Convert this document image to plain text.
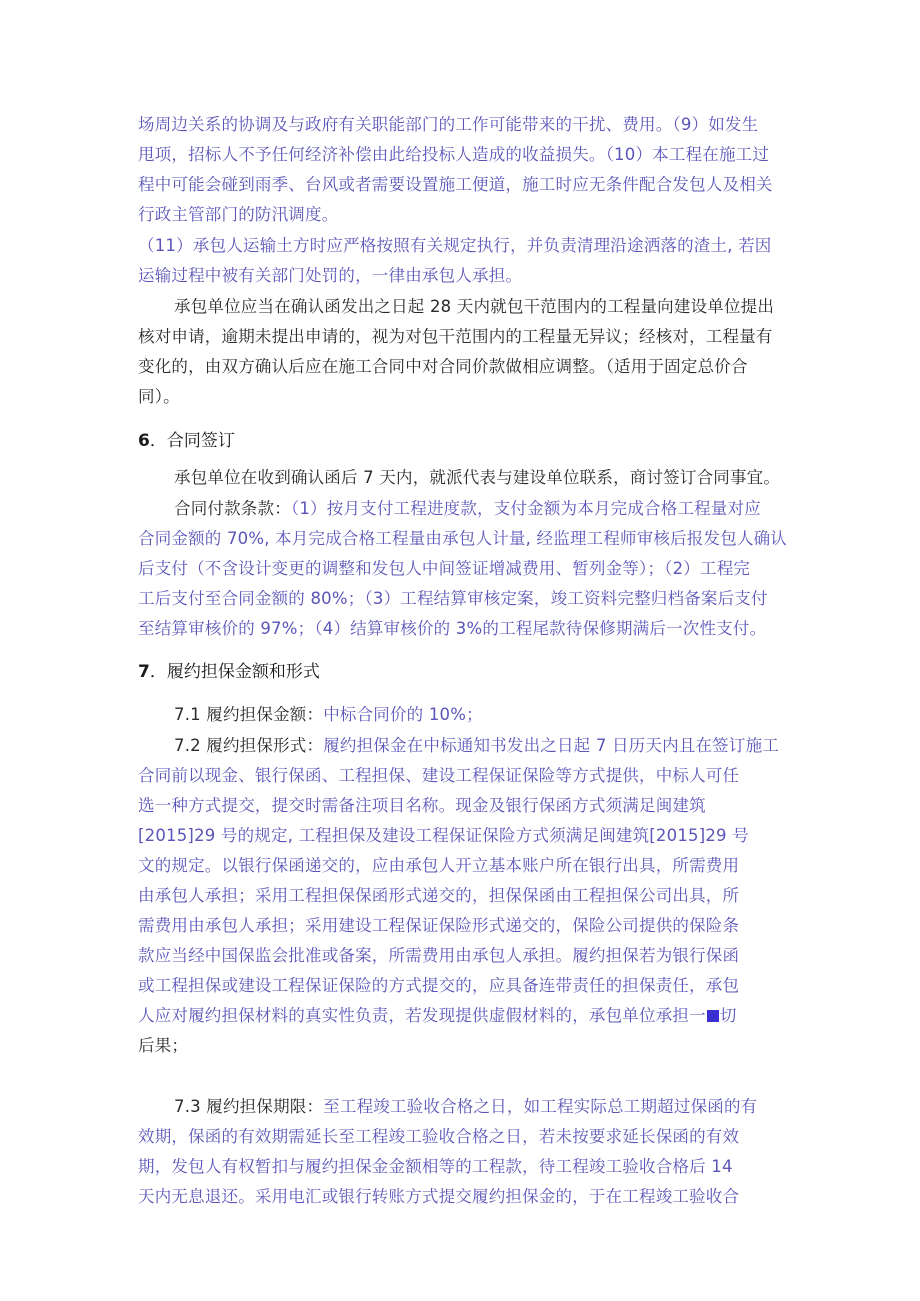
场周边关系的协调及与政府有关职能部门的工作可能带来的干扰、费用。（9）如发生
甩项，招标人不予任何经济补偿由此给投标人造成的收益损失。（10）本工程在施工过
程中可能会碰到雨季、台风或者需要设置施工便道，施工时应无条件配合发包人及相关
行政主管部门的防汛调度。
（11）承包人运输土方时应严格按照有关规定执行，并负责清理沿途洒落的渣土, 若因
运输过程中被有关部门处罚的，一律由承包人承担。
承包单位应当在确认函发出之日起 28 天内就包干范围内的工程量向建设单位提出
核对申请，逾期未提出申请的，视为对包干范围内的工程量无异议；经核对，工程量有
变化的，由双方确认后应在施工合同中对合同价款做相应调整。（适用于固定总价合
同）。
6．合同签订
承包单位在收到确认函后 7 天内，就派代表与建设单位联系，商讨签订合同事宜。
合同付款条款：（1）按月支付工程进度款，支付金额为本月完成合格工程量对应
合同金额的 70%, 本月完成合格工程量由承包人计量, 经监理工程师审核后报发包人确认
后支付（不含设计变更的调整和发包人中间签证增减费用、暂列金等）；（2）工程完
工后支付至合同金额的 80%；（3）工程结算审核定案，竣工资料完整归档备案后支付
至结算审核价的 97%；（4）结算审核价的 3%的工程尾款待保修期满后一次性支付。
7．履约担保金额和形式
7.1 履约担保金额：中标合同价的 10%；
7.2 履约担保形式：履约担保金在中标通知书发出之日起 7 日历天内且在签订施工
合同前以现金、银行保函、工程担保、建设工程保证保险等方式提供，中标人可任
选一种方式提交，提交时需备注项目名称。现金及银行保函方式须满足闽建筑
[2015]29 号的规定, 工程担保及建设工程保证保险方式须满足闽建筑[2015]29 号
文的规定。以银行保函递交的，应由承包人开立基本账户所在银行出具，所需费用
由承包人承担；采用工程担保保函形式递交的，担保保函由工程担保公司出具，所
需费用由承包人承担；采用建设工程保证保险形式递交的，保险公司提供的保险条
款应当经中国保监会批准或备案，所需费用由承包人承担。履约担保若为银行保函
或工程担保或建设工程保证保险的方式提交的，应具备连带责任的担保责任，承包
人应对履约担保材料的真实性负责，若发现提供虚假材料的，承包单位承担一 切
后果；
7.3 履约担保期限：至工程竣工验收合格之日，如工程实际总工期超过保函的有
效期，保函的有效期需延长至工程竣工验收合格之日，若未按要求延长保函的有效
期，发包人有权暂扣与履约担保金金额相等的工程款，待工程竣工验收合格后 14
天内无息退还。采用电汇或银行转账方式提交履约担保金的，于在工程竣工验收合
